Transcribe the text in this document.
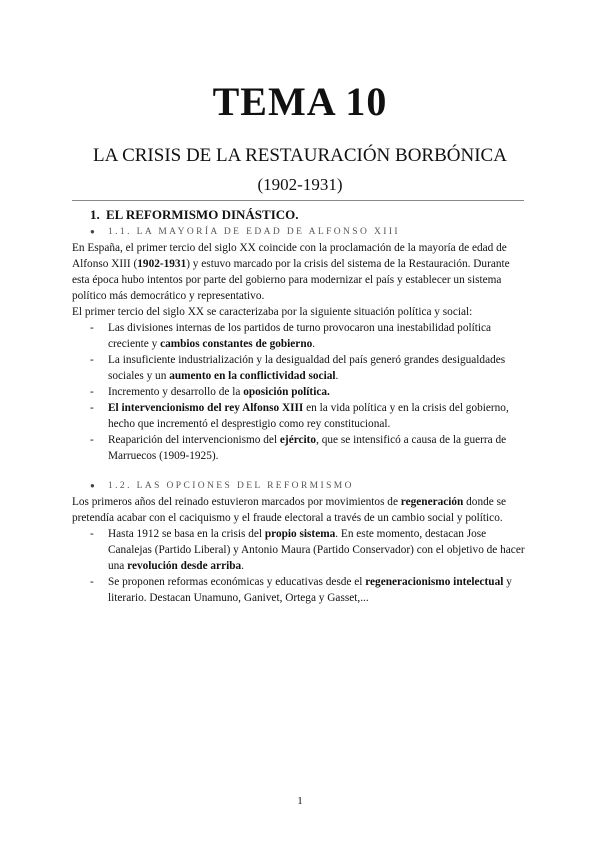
TEMA 10
LA CRISIS DE LA RESTAURACIÓN BORBÓNICA
(1902-1931)
1. EL REFORMISMO DINÁSTICO.
● 1.1. LA MAYORÍA DE EDAD DE ALFONSO XIII

En España, el primer tercio del siglo XX coincide con la proclamación de la mayoría de edad de Alfonso XIII (1902-1931) y estuvo marcado por la crisis del sistema de la Restauración. Durante esta época hubo intentos por parte del gobierno para modernizar el país y establecer un sistema político más democrático y representativo.

El primer tercio del siglo XX se caracterizaba por la siguiente situación política y social:

- Las divisiones internas de los partidos de turno provocaron una inestabilidad política creciente y cambios constantes de gobierno.
- La insuficiente industrialización y la desigualdad del país generó grandes desigualdades sociales y un aumento en la conflictividad social.
- Incremento y desarrollo de la oposición política.
- El intervencionismo del rey Alfonso XIII en la vida política y en la crisis del gobierno, hecho que incrementó el desprestigio como rey constitucional.
- Reaparición del intervencionismo del ejército, que se intensificó a causa de la guerra de Marruecos (1909-1925).
● 1.2. LAS OPCIONES DEL REFORMISMO

Los primeros años del reinado estuvieron marcados por movimientos de regeneración donde se pretendía acabar con el caciquismo y el fraude electoral a través de un cambio social y político.

- Hasta 1912 se basa en la crisis del propio sistema. En este momento, destacan Jose Canalejas (Partido Liberal) y Antonio Maura (Partido Conservador) con el objetivo de hacer una revolución desde arriba.
- Se proponen reformas económicas y educativas desde el regeneracionismo intelectual y literario. Destacan Unamuno, Ganivet, Ortega y Gasset,...
1
